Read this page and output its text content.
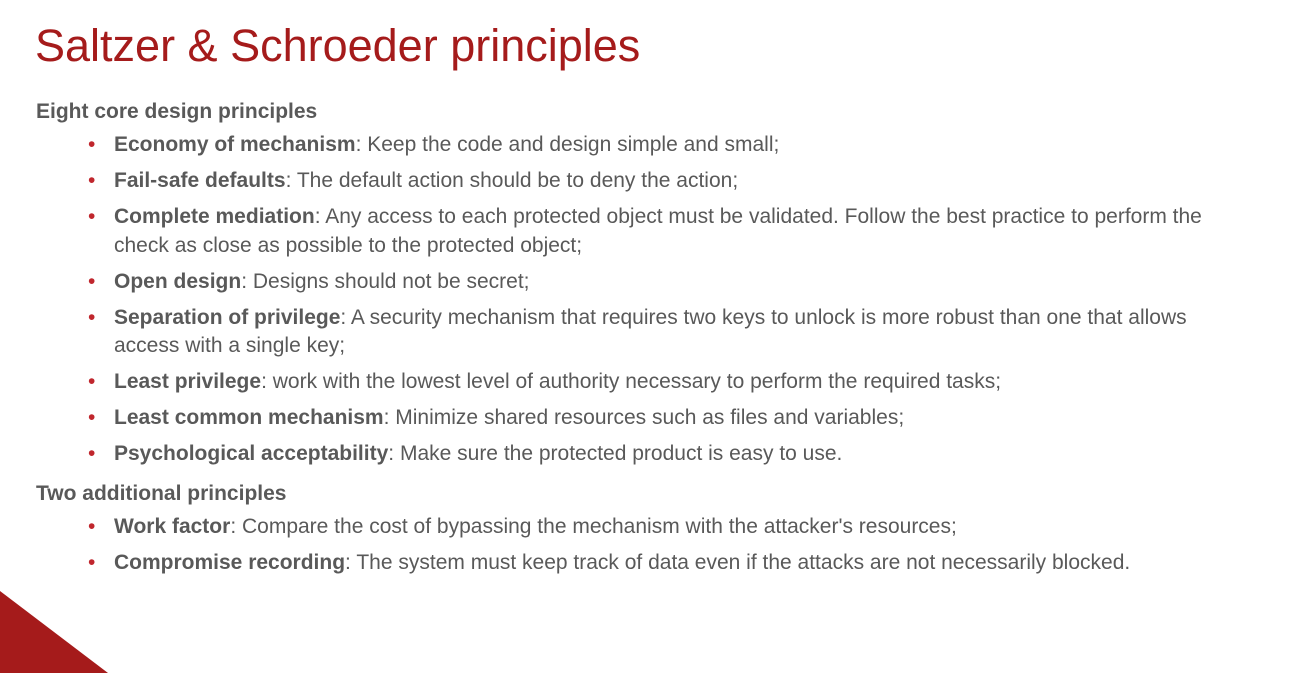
Saltzer & Schroeder principles

Eight core design principles

• Economy of mechanism: Keep the code and design simple and small;
• Fail-safe defaults: The default action should be to deny the action;
• Complete mediation: Any access to each protected object must be validated. Follow the best practice to perform the check as close as possible to the protected object;
• Open design: Designs should not be secret;
• Separation of privilege: A security mechanism that requires two keys to unlock is more robust than one that allows access with a single key;
• Least privilege: work with the lowest level of authority necessary to perform the required tasks;
• Least common mechanism: Minimize shared resources such as files and variables;
• Psychological acceptability: Make sure the protected product is easy to use.

Two additional principles

• Work factor: Compare the cost of bypassing the mechanism with the attacker's resources;
• Compromise recording: The system must keep track of data even if the attacks are not necessarily blocked.
